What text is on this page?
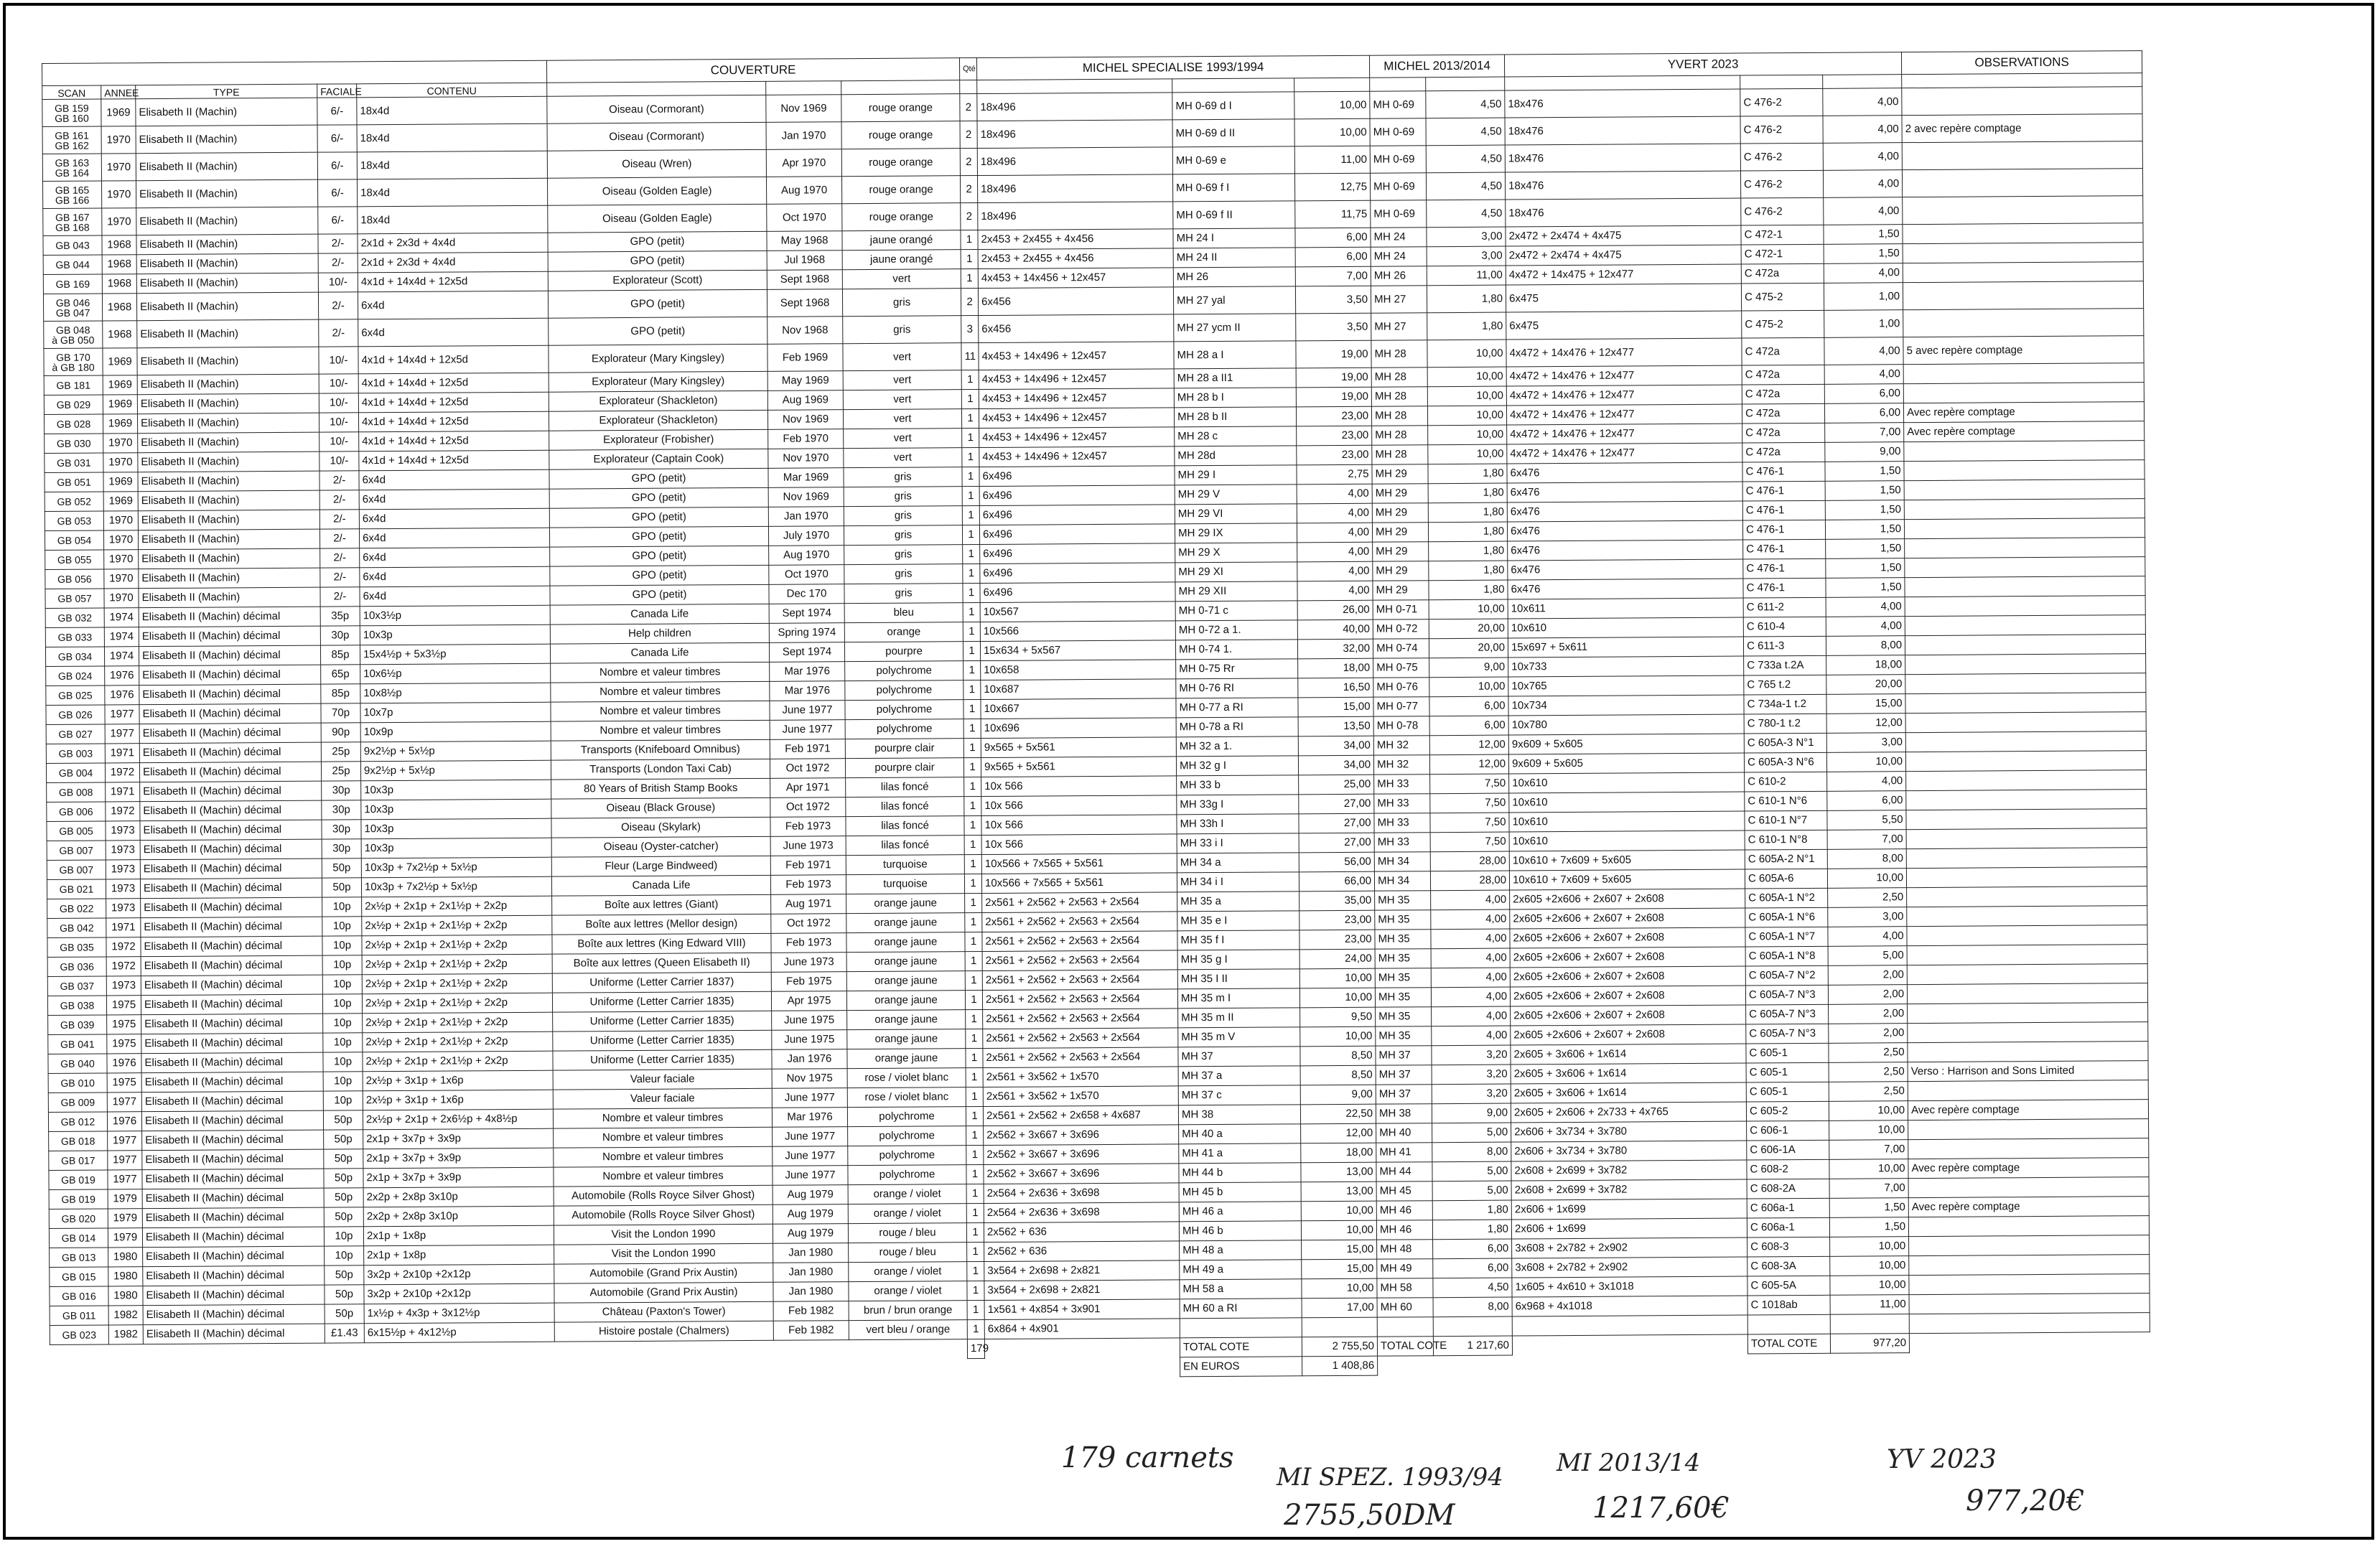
					COUVERTURE			Qté	MICHEL SPECIALISE 1993/1994			MICHEL 2013/2014		YVERT 2023			OBSERVATIONS
SCAN	ANNEE	TYPE	FACIALE	CONTENU													

GB 159
GB 160	1969	Elisabeth II (Machin)	6/-	18x4d	Oiseau (Cormorant)	Nov 1969	rouge orange	2	18x496	MH 0-69 d I	10,00	MH 0-69	4,50	18x476	C 476-2	4,00	

GB 161
GB 162	1970	Elisabeth II (Machin)	6/-	18x4d	Oiseau (Cormorant)	Jan 1970	rouge orange	2	18x496	MH 0-69 d II	10,00	MH 0-69	4,50	18x476	C 476-2	4,00	2 avec repère comptage

GB 163
GB 164	1970	Elisabeth II (Machin)	6/-	18x4d	Oiseau (Wren)	Apr 1970	rouge orange	2	18x496	MH 0-69 e	11,00	MH 0-69	4,50	18x476	C 476-2	4,00	

GB 165
GB 166	1970	Elisabeth II (Machin)	6/-	18x4d	Oiseau (Golden Eagle)	Aug 1970	rouge orange	2	18x496	MH 0-69 f I	12,75	MH 0-69	4,50	18x476	C 476-2	4,00	

GB 167
GB 168	1970	Elisabeth II (Machin)	6/-	18x4d	Oiseau (Golden Eagle)	Oct 1970	rouge orange	2	18x496	MH 0-69 f II	11,75	MH 0-69	4,50	18x476	C 476-2	4,00	

GB 043	1968	Elisabeth II (Machin)	2/-	2x1d + 2x3d + 4x4d	GPO (petit)	May 1968	jaune orangé	1	2x453 + 2x455 + 4x456	MH 24 I	6,00	MH 24	3,00	2x472 + 2x474 + 4x475	C 472-1	1,50	

GB 044	1968	Elisabeth II (Machin)	2/-	2x1d + 2x3d + 4x4d	GPO (petit)	Jul 1968	jaune orangé	1	2x453 + 2x455 + 4x456	MH 24 II	6,00	MH 24	3,00	2x472 + 2x474 + 4x475	C 472-1	1,50	

GB 169	1968	Elisabeth II (Machin)	10/-	4x1d + 14x4d + 12x5d	Explorateur (Scott)	Sept 1968	vert	1	4x453 + 14x456 + 12x457	MH 26	7,00	MH 26	11,00	4x472 + 14x475 + 12x477	C 472a	4,00	

GB 046
GB 047	1968	Elisabeth II (Machin)	2/-	6x4d	GPO (petit)	Sept 1968	gris	2	6x456	MH 27 yal	3,50	MH 27	1,80	6x475	C 475-2	1,00	

GB 048
à GB 050	1968	Elisabeth II (Machin)	2/-	6x4d	GPO (petit)	Nov 1968	gris	3	6x456	MH 27 ycm II	3,50	MH 27	1,80	6x475	C 475-2	1,00	

GB 170
à GB 180	1969	Elisabeth II (Machin)	10/-	4x1d + 14x4d + 12x5d	Explorateur (Mary Kingsley)	Feb 1969	vert	11	4x453 + 14x496 + 12x457	MH 28 a I	19,00	MH 28	10,00	4x472 + 14x476 + 12x477	C 472a	4,00	5 avec repère comptage

GB 181	1969	Elisabeth II (Machin)	10/-	4x1d + 14x4d + 12x5d	Explorateur (Mary Kingsley)	May 1969	vert	1	4x453 + 14x496 + 12x457	MH 28 a II1	19,00	MH 28	10,00	4x472 + 14x476 + 12x477	C 472a	4,00	

GB 029	1969	Elisabeth II (Machin)	10/-	4x1d + 14x4d + 12x5d	Explorateur (Shackleton)	Aug 1969	vert	1	4x453 + 14x496 + 12x457	MH 28 b I	19,00	MH 28	10,00	4x472 + 14x476 + 12x477	C 472a	6,00	

GB 028	1969	Elisabeth II (Machin)	10/-	4x1d + 14x4d + 12x5d	Explorateur (Shackleton)	Nov 1969	vert	1	4x453 + 14x496 + 12x457	MH 28 b II	23,00	MH 28	10,00	4x472 + 14x476 + 12x477	C 472a	6,00	Avec repère comptage

GB 030	1970	Elisabeth II (Machin)	10/-	4x1d + 14x4d + 12x5d	Explorateur (Frobisher)	Feb 1970	vert	1	4x453 + 14x496 + 12x457	MH 28 c	23,00	MH 28	10,00	4x472 + 14x476 + 12x477	C 472a	7,00	Avec repère comptage

GB 031	1970	Elisabeth II (Machin)	10/-	4x1d + 14x4d + 12x5d	Explorateur (Captain Cook)	Nov 1970	vert	1	4x453 + 14x496 + 12x457	MH 28d	23,00	MH 28	10,00	4x472 + 14x476 + 12x477	C 472a	9,00	

GB 051	1969	Elisabeth II (Machin)	2/-	6x4d	GPO (petit)	Mar 1969	gris	1	6x496	MH 29 I	2,75	MH 29	1,80	6x476	C 476-1	1,50	

GB 052	1969	Elisabeth II (Machin)	2/-	6x4d	GPO (petit)	Nov 1969	gris	1	6x496	MH 29 V	4,00	MH 29	1,80	6x476	C 476-1	1,50	

GB 053	1970	Elisabeth II (Machin)	2/-	6x4d	GPO (petit)	Jan 1970	gris	1	6x496	MH 29 VI	4,00	MH 29	1,80	6x476	C 476-1	1,50	

GB 054	1970	Elisabeth II (Machin)	2/-	6x4d	GPO (petit)	July 1970	gris	1	6x496	MH 29 IX	4,00	MH 29	1,80	6x476	C 476-1	1,50	

GB 055	1970	Elisabeth II (Machin)	2/-	6x4d	GPO (petit)	Aug 1970	gris	1	6x496	MH 29 X	4,00	MH 29	1,80	6x476	C 476-1	1,50	

GB 056	1970	Elisabeth II (Machin)	2/-	6x4d	GPO (petit)	Oct 1970	gris	1	6x496	MH 29 XI	4,00	MH 29	1,80	6x476	C 476-1	1,50	

GB 057	1970	Elisabeth II (Machin)	2/-	6x4d	GPO (petit)	Dec 170	gris	1	6x496	MH 29 XII	4,00	MH 29	1,80	6x476	C 476-1	1,50	

GB 032	1974	Elisabeth II (Machin) décimal	35p	10x3½p	Canada Life	Sept 1974	bleu	1	10x567	MH 0-71 c	26,00	MH 0-71	10,00	10x611	C 611-2	4,00	

GB 033	1974	Elisabeth II (Machin) décimal	30p	10x3p	Help children	Spring 1974	orange	1	10x566	MH 0-72 a 1.	40,00	MH 0-72	20,00	10x610	C 610-4	4,00	

GB 034	1974	Elisabeth II (Machin) décimal	85p	15x4½p + 5x3½p	Canada Life	Sept 1974	pourpre	1	15x634 + 5x567	MH 0-74 1.	32,00	MH 0-74	20,00	15x697 + 5x611	C 611-3	8,00	

GB 024	1976	Elisabeth II (Machin) décimal	65p	10x6½p	Nombre et valeur timbres	Mar 1976	polychrome	1	10x658	MH 0-75 Rr	18,00	MH 0-75	9,00	10x733	C 733a t.2A	18,00	

GB 025	1976	Elisabeth II (Machin) décimal	85p	10x8½p	Nombre et valeur timbres	Mar 1976	polychrome	1	10x687	MH 0-76 RI	16,50	MH 0-76	10,00	10x765	C 765 t.2	20,00	

GB 026	1977	Elisabeth II (Machin) décimal	70p	10x7p	Nombre et valeur timbres	June 1977	polychrome	1	10x667	MH 0-77 a RI	15,00	MH 0-77	6,00	10x734	C 734a-1 t.2	15,00	

GB 027	1977	Elisabeth II (Machin) décimal	90p	10x9p	Nombre et valeur timbres	June 1977	polychrome	1	10x696	MH 0-78 a RI	13,50	MH 0-78	6,00	10x780	C 780-1 t.2	12,00	

GB 003	1971	Elisabeth II (Machin) décimal	25p	9x2½p + 5x½p	Transports (Knifeboard Omnibus)	Feb 1971	pourpre clair	1	9x565 + 5x561	MH 32 a 1.	34,00	MH 32	12,00	9x609 + 5x605	C 605A-3 N°1	3,00	

GB 004	1972	Elisabeth II (Machin) décimal	25p	9x2½p + 5x½p	Transports (London Taxi Cab)	Oct 1972	pourpre clair	1	9x565 + 5x561	MH 32 g I	34,00	MH 32	12,00	9x609 + 5x605	C 605A-3 N°6	10,00	

GB 008	1971	Elisabeth II (Machin) décimal	30p	10x3p	80 Years of British Stamp Books	Apr 1971	lilas foncé	1	10x 566	MH 33 b	25,00	MH 33	7,50	10x610	C 610-2	4,00	

GB 006	1972	Elisabeth II (Machin) décimal	30p	10x3p	Oiseau (Black Grouse)	Oct 1972	lilas foncé	1	10x 566	MH 33g I	27,00	MH 33	7,50	10x610	C 610-1 N°6	6,00	

GB 005	1973	Elisabeth II (Machin) décimal	30p	10x3p	Oiseau (Skylark)	Feb 1973	lilas foncé	1	10x 566	MH 33h I	27,00	MH 33	7,50	10x610	C 610-1 N°7	5,50	

GB 007	1973	Elisabeth II (Machin) décimal	30p	10x3p	Oiseau (Oyster-catcher)	June 1973	lilas foncé	1	10x 566	MH 33 i I	27,00	MH 33	7,50	10x610	C 610-1 N°8	7,00	

GB 007	1973	Elisabeth II (Machin) décimal	50p	10x3p + 7x2½p + 5x½p	Fleur (Large Bindweed)	Feb 1971	turquoise	1	10x566 + 7x565 + 5x561	MH 34 a	56,00	MH 34	28,00	10x610 + 7x609 + 5x605	C 605A-2 N°1	8,00	

GB 021	1973	Elisabeth II (Machin) décimal	50p	10x3p + 7x2½p + 5x½p	Canada Life	Feb 1973	turquoise	1	10x566 + 7x565 + 5x561	MH 34 i I	66,00	MH 34	28,00	10x610 + 7x609 + 5x605	C 605A-6	10,00	

GB 022	1973	Elisabeth II (Machin) décimal	10p	2x½p + 2x1p + 2x1½p + 2x2p	Boîte aux lettres (Giant)	Aug 1971	orange jaune	1	2x561 + 2x562 + 2x563 + 2x564	MH 35 a	35,00	MH 35	4,00	2x605 +2x606 + 2x607 + 2x608	C 605A-1 N°2	2,50	

GB 042	1971	Elisabeth II (Machin) décimal	10p	2x½p + 2x1p + 2x1½p + 2x2p	Boîte aux lettres (Mellor design)	Oct 1972	orange jaune	1	2x561 + 2x562 + 2x563 + 2x564	MH 35 e I	23,00	MH 35	4,00	2x605 +2x606 + 2x607 + 2x608	C 605A-1 N°6	3,00	

GB 035	1972	Elisabeth II (Machin) décimal	10p	2x½p + 2x1p + 2x1½p + 2x2p	Boîte aux lettres (King Edward VIII)	Feb 1973	orange jaune	1	2x561 + 2x562 + 2x563 + 2x564	MH 35 f I	23,00	MH 35	4,00	2x605 +2x606 + 2x607 + 2x608	C 605A-1 N°7	4,00	

GB 036	1972	Elisabeth II (Machin) décimal	10p	2x½p + 2x1p + 2x1½p + 2x2p	Boîte aux lettres (Queen Elisabeth II)	June 1973	orange jaune	1	2x561 + 2x562 + 2x563 + 2x564	MH 35 g I	24,00	MH 35	4,00	2x605 +2x606 + 2x607 + 2x608	C 605A-1 N°8	5,00	

GB 037	1973	Elisabeth II (Machin) décimal	10p	2x½p + 2x1p + 2x1½p + 2x2p	Uniforme (Letter Carrier 1837)	Feb 1975	orange jaune	1	2x561 + 2x562 + 2x563 + 2x564	MH 35 I II	10,00	MH 35	4,00	2x605 +2x606 + 2x607 + 2x608	C 605A-7 N°2	2,00	

GB 038	1975	Elisabeth II (Machin) décimal	10p	2x½p + 2x1p + 2x1½p + 2x2p	Uniforme (Letter Carrier 1835)	Apr 1975	orange jaune	1	2x561 + 2x562 + 2x563 + 2x564	MH 35 m I	10,00	MH 35	4,00	2x605 +2x606 + 2x607 + 2x608	C 605A-7 N°3	2,00	

GB 039	1975	Elisabeth II (Machin) décimal	10p	2x½p + 2x1p + 2x1½p + 2x2p	Uniforme (Letter Carrier 1835)	June 1975	orange jaune	1	2x561 + 2x562 + 2x563 + 2x564	MH 35 m II	9,50	MH 35	4,00	2x605 +2x606 + 2x607 + 2x608	C 605A-7 N°3	2,00	

GB 041	1975	Elisabeth II (Machin) décimal	10p	2x½p + 2x1p + 2x1½p + 2x2p	Uniforme (Letter Carrier 1835)	June 1975	orange jaune	1	2x561 + 2x562 + 2x563 + 2x564	MH 35 m V	10,00	MH 35	4,00	2x605 +2x606 + 2x607 + 2x608	C 605A-7 N°3	2,00	

GB 040	1976	Elisabeth II (Machin) décimal	10p	2x½p + 2x1p + 2x1½p + 2x2p	Uniforme (Letter Carrier 1835)	Jan 1976	orange jaune	1	2x561 + 2x562 + 2x563 + 2x564	MH 37	8,50	MH 37	3,20	2x605 + 3x606 + 1x614	C 605-1	2,50	

GB 010	1975	Elisabeth II (Machin) décimal	10p	2x½p + 3x1p + 1x6p	Valeur faciale	Nov 1975	rose / violet blanc	1	2x561 + 3x562 + 1x570	MH 37 a	8,50	MH 37	3,20	2x605 + 3x606 + 1x614	C 605-1	2,50	Verso : Harrison and Sons Limited

GB 009	1977	Elisabeth II (Machin) décimal	10p	2x½p + 3x1p + 1x6p	Valeur faciale	June 1977	rose / violet blanc	1	2x561 + 3x562 + 1x570	MH 37 c	9,00	MH 37	3,20	2x605 + 3x606 + 1x614	C 605-1	2,50	

GB 012	1976	Elisabeth II (Machin) décimal	50p	2x½p + 2x1p + 2x6½p + 4x8½p	Nombre et valeur timbres	Mar 1976	polychrome	1	2x561 + 2x562 + 2x658 + 4x687	MH 38	22,50	MH 38	9,00	2x605 + 2x606 + 2x733 + 4x765	C 605-2	10,00	Avec repère comptage

GB 018	1977	Elisabeth II (Machin) décimal	50p	2x1p + 3x7p + 3x9p	Nombre et valeur timbres	June 1977	polychrome	1	2x562 + 3x667 + 3x696	MH 40 a	12,00	MH 40	5,00	2x606 + 3x734 + 3x780	C 606-1	10,00	

GB 017	1977	Elisabeth II (Machin) décimal	50p	2x1p + 3x7p + 3x9p	Nombre et valeur timbres	June 1977	polychrome	1	2x562 + 3x667 + 3x696	MH 41 a	18,00	MH 41	8,00	2x606 + 3x734 + 3x780	C 606-1A	7,00	

GB 019	1977	Elisabeth II (Machin) décimal	50p	2x1p + 3x7p + 3x9p	Nombre et valeur timbres	June 1977	polychrome	1	2x562 + 3x667 + 3x696	MH 44 b	13,00	MH 44	5,00	2x608 + 2x699 + 3x782	C 608-2	10,00	Avec repère comptage

GB 019	1979	Elisabeth II (Machin) décimal	50p	2x2p + 2x8p 3x10p	Automobile (Rolls Royce Silver Ghost)	Aug 1979	orange / violet	1	2x564 + 2x636 + 3x698	MH 45 b	13,00	MH 45	5,00	2x608 + 2x699 + 3x782	C 608-2A	7,00	

GB 020	1979	Elisabeth II (Machin) décimal	50p	2x2p + 2x8p 3x10p	Automobile (Rolls Royce Silver Ghost)	Aug 1979	orange / violet	1	2x564 + 2x636 + 3x698	MH 46 a	10,00	MH 46	1,80	2x606 + 1x699	C 606a-1	1,50	Avec repère comptage

GB 014	1979	Elisabeth II (Machin) décimal	10p	2x1p + 1x8p	Visit the London 1990	Aug 1979	rouge / bleu	1	2x562 + 636	MH 46 b	10,00	MH 46	1,80	2x606 + 1x699	C 606a-1	1,50	

GB 013	1980	Elisabeth II (Machin) décimal	10p	2x1p + 1x8p	Visit the London 1990	Jan 1980	rouge / bleu	1	2x562 + 636	MH 48 a	15,00	MH 48	6,00	3x608 + 2x782 + 2x902	C 608-3	10,00	

GB 015	1980	Elisabeth II (Machin) décimal	50p	3x2p + 2x10p +2x12p	Automobile (Grand Prix Austin)	Jan 1980	orange / violet	1	3x564 + 2x698 + 2x821	MH 49 a	15,00	MH 49	6,00	3x608 + 2x782 + 2x902	C 608-3A	10,00	

GB 016	1980	Elisabeth II (Machin) décimal	50p	3x2p + 2x10p +2x12p	Automobile (Grand Prix Austin)	Jan 1980	orange / violet	1	3x564 + 2x698 + 2x821	MH 58 a	10,00	MH 58	4,50	1x605 + 4x610 + 3x1018	C 605-5A	10,00	

GB 011	1982	Elisabeth II (Machin) décimal	50p	1x½p + 4x3p + 3x12½p	Château (Paxton's Tower)	Feb 1982	brun / brun orange	1	1x561 + 4x854 + 3x901	MH 60 a RI	17,00	MH 60	8,00	6x968 + 4x1018	C 1018ab	11,00	

GB 023	1982	Elisabeth II (Machin) décimal	£1.43	6x15½p + 4x12½p	Histoire postale (Chalmers)	Feb 1982	vert bleu / orange	1	6x864 + 4x901								
								179		TOTAL COTE	2 755,50	TOTAL COTE	1 217,60		TOTAL COTE	977,20	
										EN EUROS	1 408,86						
179 carnets
MI SPEZ. 1993/94
2755,50DM
MI 2013/14
1217,60€
YV 2023
977,20€
